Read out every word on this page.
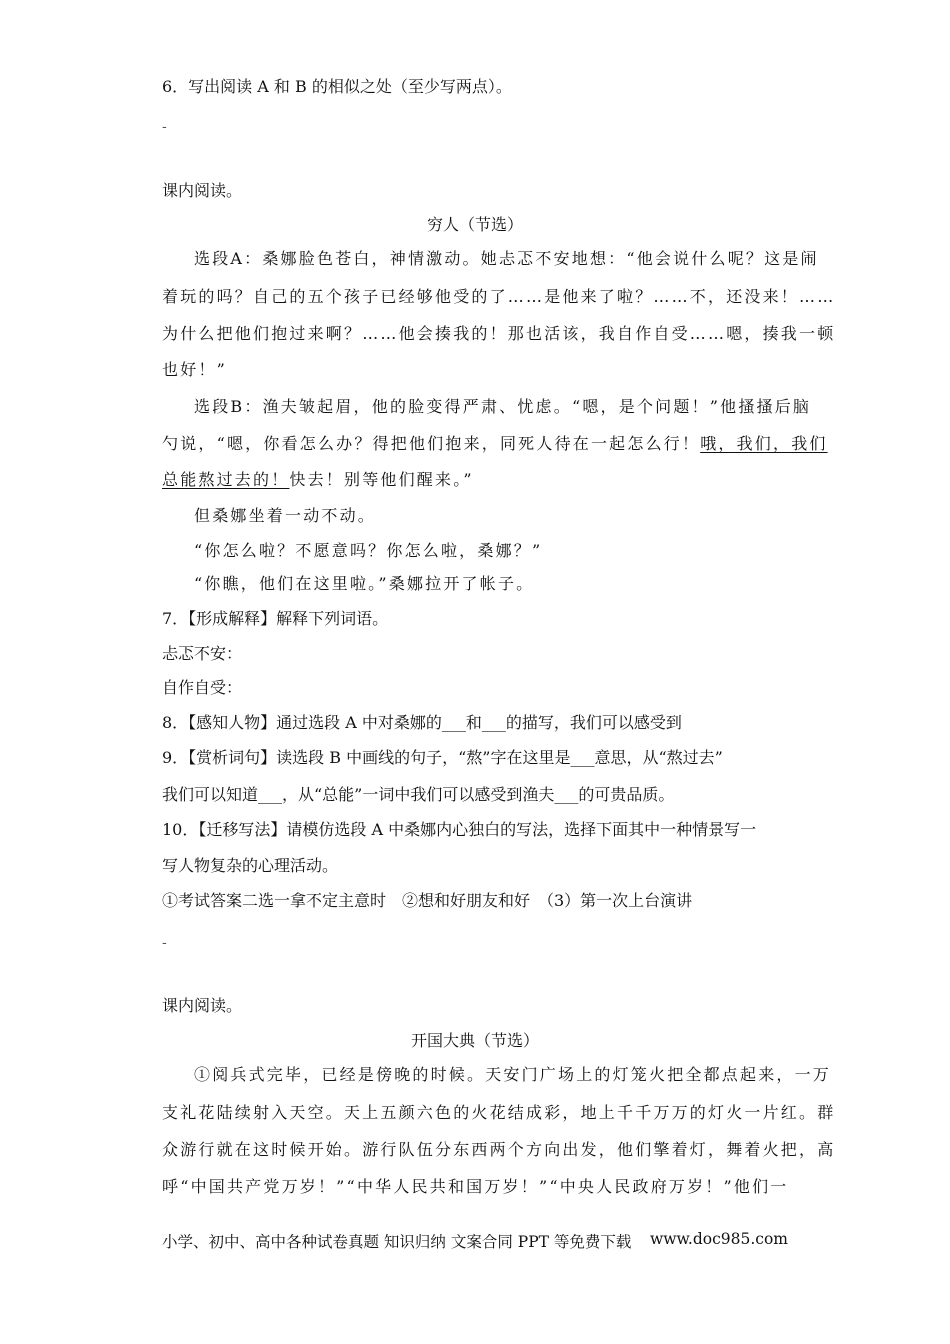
6．写出阅读 A 和 B 的相似之处（至少写两点）。
-
课内阅读。
穷人（节选）
选段A：桑娜脸色苍白，神情激动。她忐忑不安地想：“他会说什么呢？这是闹
着玩的吗？自己的五个孩子已经够他受的了……是他来了啦？……不，还没来！……
为什么把他们抱过来啊？……他会揍我的！那也活该，我自作自受……嗯，揍我一顿
也好！”
选段B：渔夫皱起眉，他的脸变得严肃、忧虑。“嗯，是个问题！”他搔搔后脑
勺说，“嗯，你看怎么办？得把他们抱来，同死人待在一起怎么行！哦，我们，我们
总能熬过去的！快去！别等他们醒来。”
但桑娜坐着一动不动。
“你怎么啦？不愿意吗？你怎么啦，桑娜？”
“你瞧，他们在这里啦。”桑娜拉开了帐子。
7．【形成解释】解释下列词语。
忐忑不安：
自作自受：
8．【感知人物】通过选段 A 中对桑娜的___和___的描写，我们可以感受到
9．【赏析词句】读选段 B 中画线的句子，“熬”字在这里是___意思，从“熬过去”
我们可以知道___，从“总能”一词中我们可以感受到渔夫___的可贵品质。
10．【迁移写法】请模仿选段 A 中桑娜内心独白的写法，选择下面其中一种情景写一
写人物复杂的心理活动。
①考试答案二选一拿不定主意时　②想和好朋友和好　（3）第一次上台演讲
-
课内阅读。
开国大典（节选）
①阅兵式完毕，已经是傍晚的时候。天安门广场上的灯笼火把全都点起来，一万
支礼花陆续射入天空。天上五颜六色的火花结成彩，地上千千万万的灯火一片红。群
众游行就在这时候开始。游行队伍分东西两个方向出发，他们擎着灯，舞着火把，高
呼“中国共产党万岁！”“中华人民共和国万岁！”“中央人民政府万岁！”他们一
小学、初中、高中各种试卷真题 知识归纳 文案合同 PPT 等免费下载 www.doc985.com
